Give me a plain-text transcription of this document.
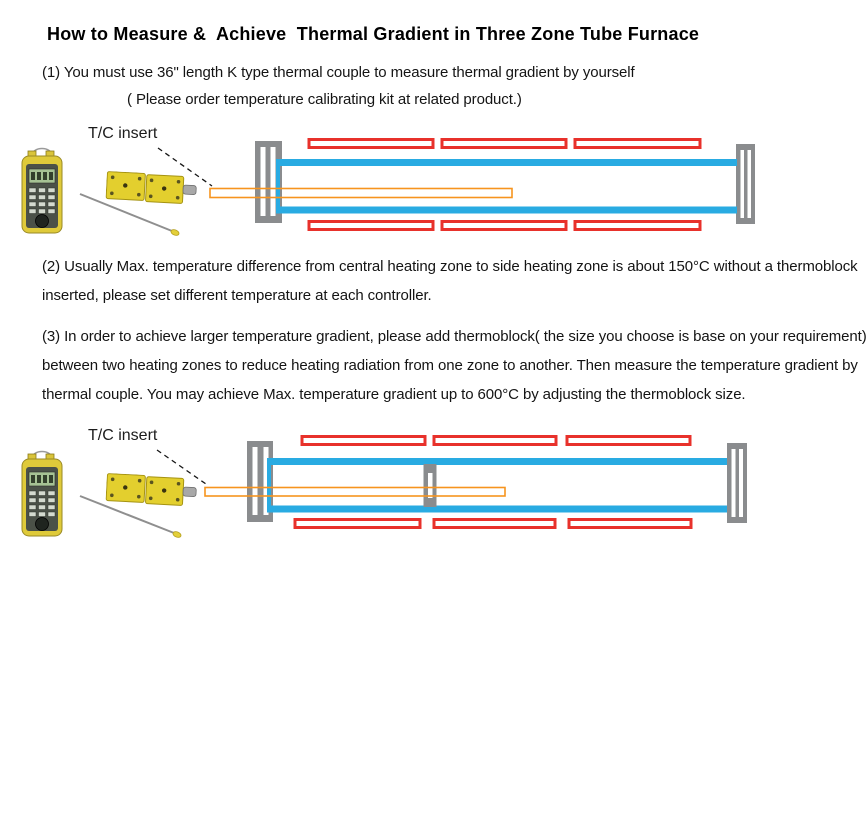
How to Measure &  Achieve  Thermal Gradient in Three Zone Tube Furnace
(1) You must use 36" length K type thermal couple to measure thermal gradient by yourself
( Please order temperature calibrating kit at related product.)
(2) Usually Max. temperature difference from central heating zone to side heating zone is about 150°C without a thermoblock
inserted, please set different temperature at each controller.
(3) In order to achieve larger temperature gradient, please add thermoblock( the size you choose is base on your requirement)
between two heating zones to reduce heating radiation from one zone to another. Then measure the temperature gradient by
thermal couple. You may achieve Max. temperature gradient up to 600°C by adjusting the thermoblock size.
T/C insert
T/C insert
